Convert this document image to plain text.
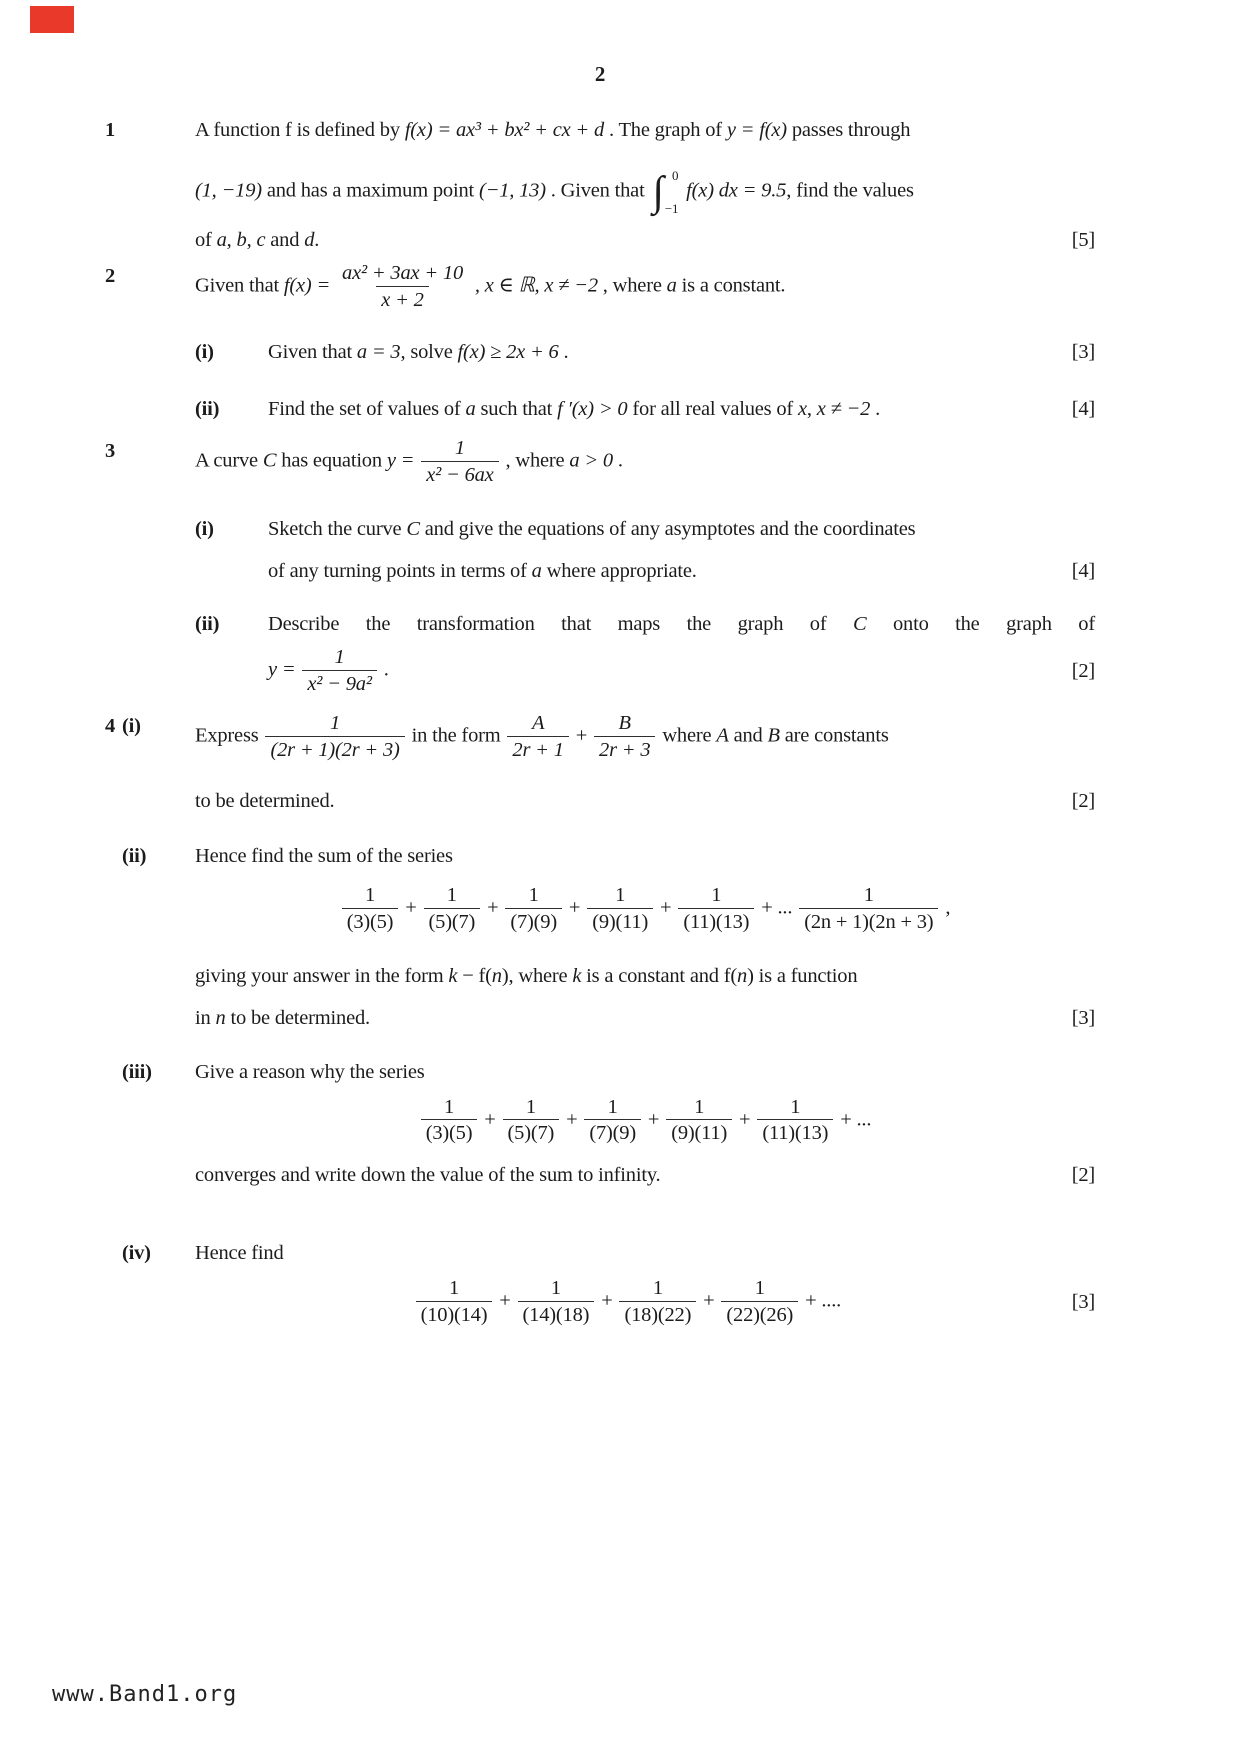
2
1	A function f is defined by f(x) = ax³ + bx² + cx + d . The graph of y = f(x) passes through
(1, −19) and has a maximum point (−1, 13) . Given that ∫ 0
−1
f(x) dx = 9.5, find the values
of a, b, c and d.	[5]
2	Given that $f(x) = \frac{\text{ax² + 3ax + 10}}{x + 2}$ , x ∈ ℝ, x ≠ −2 , where a is a constant.
(i)	Given that a = 3, solve f(x) ≥ 2x + 6 .	[3]
(ii)	Find the set of values of a such that f ′(x) > 0 for all real values of x, x ≠ −2 .	[4]
3	A curve C has equation $y = \frac{1}{\text{x² − 6ax}}$ , where a > 0 .
(i)	Sketch the curve C and give the equations of any asymptotes and the coordinates
of any turning points in terms of a where appropriate.	[4]
(ii)	Describe the transformation that maps the graph of C onto the graph of
$y = \frac{1}{\text{x² − 9a²}}$ .	[2]
4 (i)	Express $\frac{1}{(2r + 1)(2r + 3)}$ in the form $\frac{A}{2r + 1} + \frac{B}{2r + 3}$ where A and B are constants
to be determined.	[2]
(ii)	Hence find the sum of the series
$\frac{1}{(3)(5)} + \frac{1}{(5)(7)} + \frac{1}{(7)(9)} + \frac{1}{(9)(11)} + \frac{1}{(11)(13)}$ + ... $\frac{1}{(2n + 1)(2n + 3)}$ ,
giving your answer in the form k − f(n), where k is a constant and f(n) is a function
in n to be determined.	[3]
(iii)	Give a reason why the series
$\frac{1}{(3)(5)} + \frac{1}{(5)(7)} + \frac{1}{(7)(9)} + \frac{1}{(9)(11)} + \frac{1}{(11)(13)}$ + ...
converges and write down the value of the sum to infinity.	[2]
(iv)	Hence find
$\frac{1}{(10)(14)} + \frac{1}{(14)(18)} + \frac{1}{(18)(22)} + \frac{1}{(22)(26)}$ + ....	[3]
www.Band1.org
